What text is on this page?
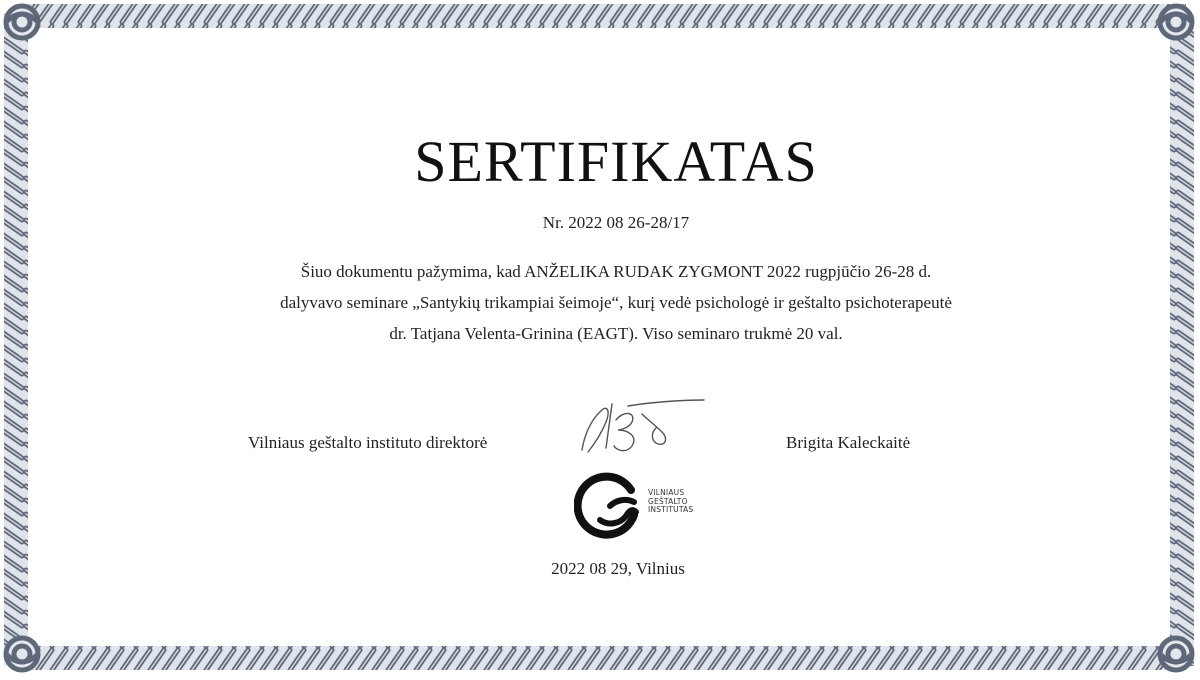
SERTIFIKATAS
Nr. 2022 08 26-28/17
Šiuo dokumentu pažymima, kad ANŽELIKA RUDAK ZYGMONT 2022 rugpjūčio 26-28 d.
dalyvavo seminare „Santykių trikampiai šeimoje“, kurį vedė psichologė ir geštalto psichoterapeutė
dr. Tatjana Velenta-Grinina (EAGT). Viso seminaro trukmė 20 val.
Vilniaus geštalto instituto direktorė	Brigita Kaleckaitė
VILNIAUS
GEŠTALTO
INSTITUTAS
2022 08 29, Vilnius
